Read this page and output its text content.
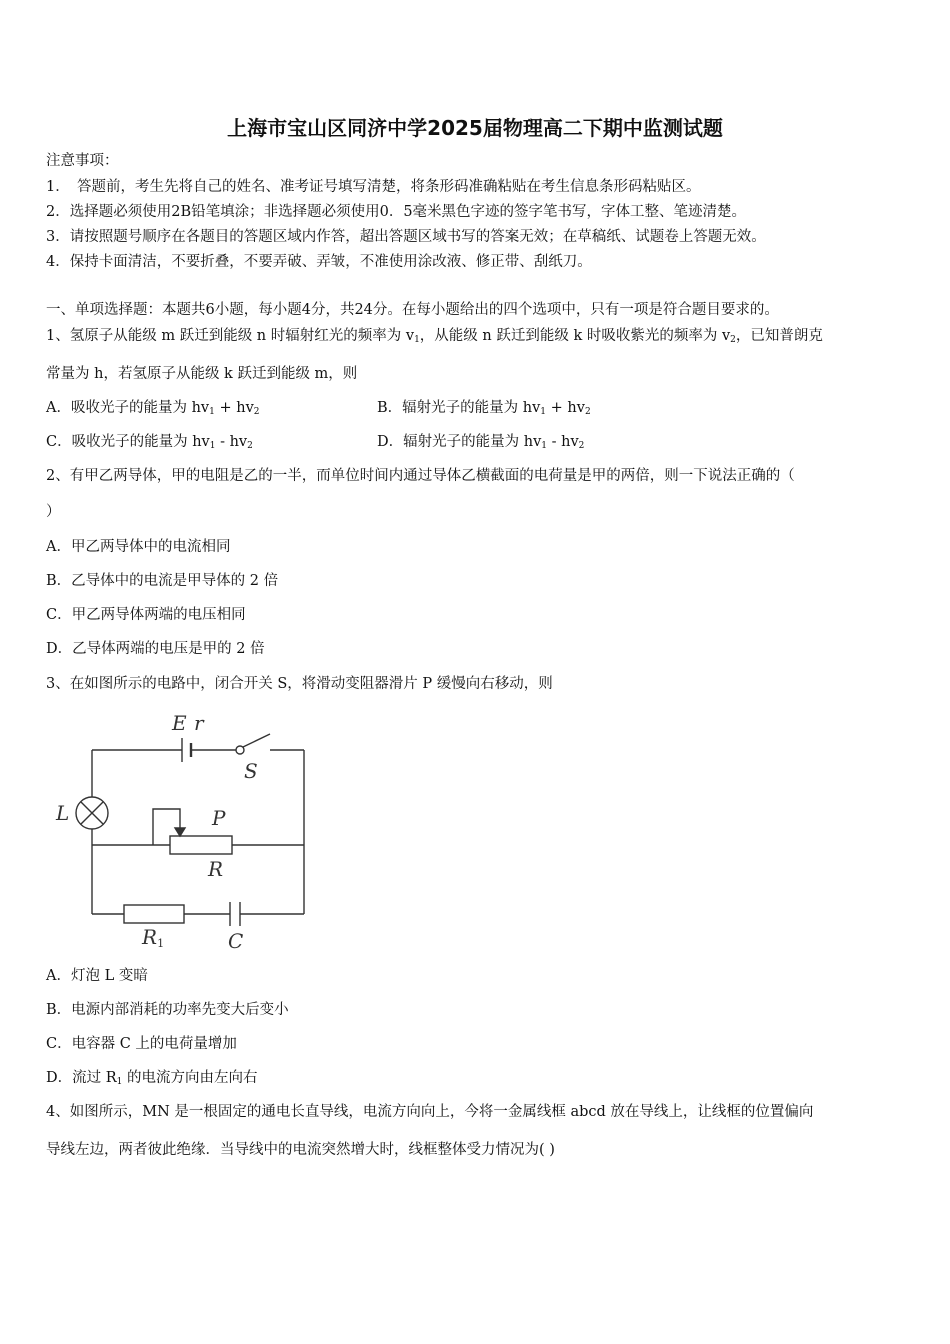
上海市宝山区同济中学2025届物理高二下期中监测试题
注意事项：
1．　答题前，考生先将自己的姓名、准考证号填写清楚，将条形码准确粘贴在考生信息条形码粘贴区。
2．选择题必须使用2B铅笔填涂；非选择题必须使用0．5毫米黑色字迹的签字笔书写，字体工整、笔迹清楚。
3．请按照题号顺序在各题目的答题区域内作答，超出答题区域书写的答案无效；在草稿纸、试题卷上答题无效。
4．保持卡面清洁，不要折叠，不要弄破、弄皱，不准使用涂改液、修正带、刮纸刀。
一、单项选择题：本题共6小题，每小题4分，共24分。在每小题给出的四个选项中，只有一项是符合题目要求的。
1、氢原子从能级 m 跃迁到能级 n 时辐射红光的频率为 $v_1$，从能级 n 跃迁到能级 k 时吸收紫光的频率为 $v_2$，已知普朗克
常量为 h，若氢原子从能级 k 跃迁到能级 m，则
A．吸收光子的能量为 $hv_1 + hv_2$	B．辐射光子的能量为 $hv_1 + hv_2$
C．吸收光子的能量为 $hv_1 - hv_2$	D．辐射光子的能量为 $hv_1 - hv_2$
2、有甲乙两导体，甲的电阻是乙的一半，而单位时间内通过导体乙横截面的电荷量是甲的两倍，则一下说法正确的（
）
A．甲乙两导体中的电流相同
B．乙导体中的电流是甲导体的 2 倍
C．甲乙两导体两端的电压相同
D．乙导体两端的电压是甲的 2 倍
3、在如图所示的电路中，闭合开关 S，将滑动变阻器滑片 P 缓慢向右移动，则
E r
S
L	P
R
R1	C
A．灯泡 L 变暗
B．电源内部消耗的功率先变大后变小
C．电容器 C 上的电荷量增加
D．流过 $R_1$ 的电流方向由左向右
4、如图所示，MN 是一根固定的通电长直导线，电流方向向上，今将一金属线框 abcd 放在导线上，让线框的位置偏向
导线左边，两者彼此绝缘．当导线中的电流突然增大时，线框整体受力情况为( )
